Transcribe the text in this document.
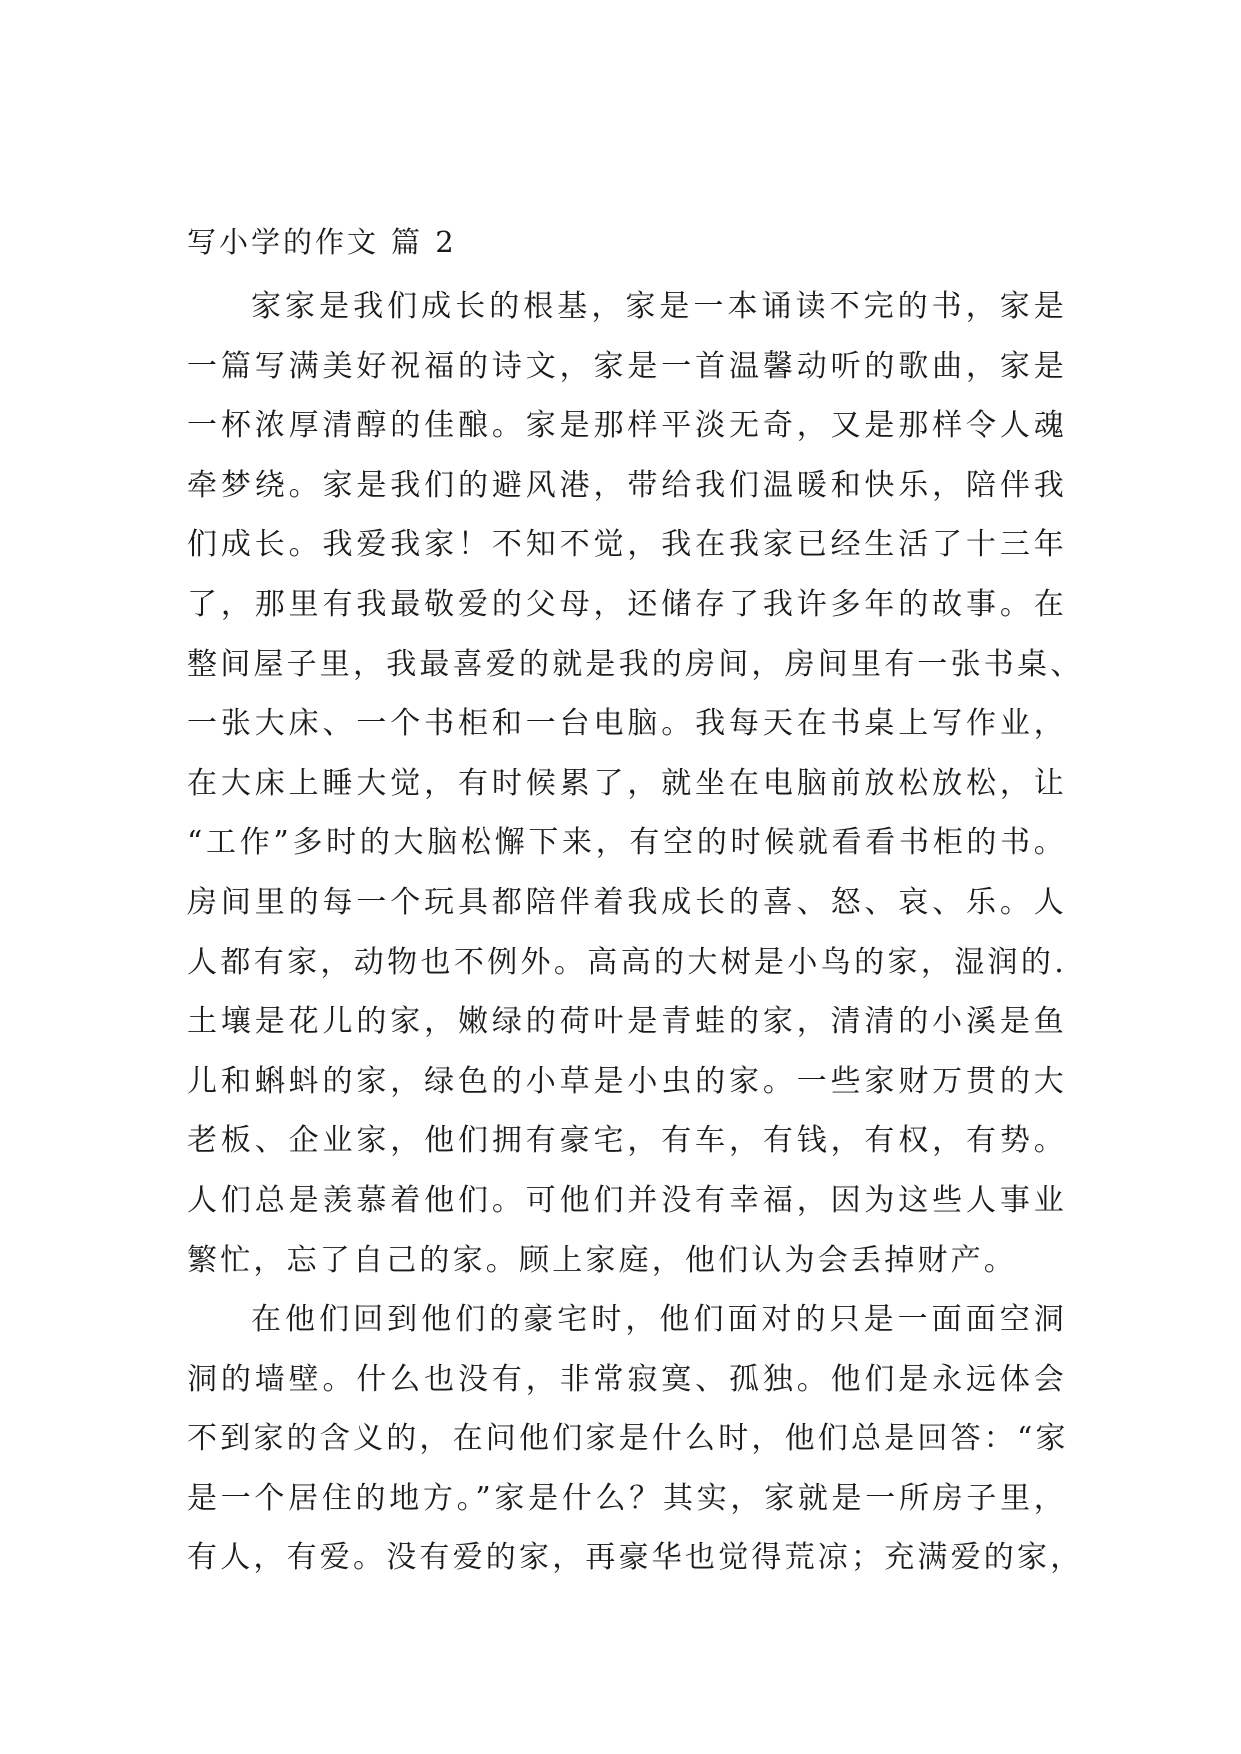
写小学的作文 篇 2
家家是我们成长的根基，家是一本诵读不完的书，家是
一篇写满美好祝福的诗文，家是一首温馨动听的歌曲，家是
一杯浓厚清醇的佳酿。家是那样平淡无奇，又是那样令人魂
牵梦绕。家是我们的避风港，带给我们温暖和快乐，陪伴我
们成长。我爱我家！不知不觉，我在我家已经生活了十三年
了，那里有我最敬爱的父母，还储存了我许多年的故事。在
整间屋子里，我最喜爱的就是我的房间，房间里有一张书桌、
一张大床、一个书柜和一台电脑。我每天在书桌上写作业，
在大床上睡大觉，有时候累了，就坐在电脑前放松放松，让
“工作”多时的大脑松懈下来，有空的时候就看看书柜的书。
房间里的每一个玩具都陪伴着我成长的喜、怒、哀、乐。人
人都有家，动物也不例外。高高的大树是小鸟的家，湿润的.
土壤是花儿的家，嫩绿的荷叶是青蛙的家，清清的小溪是鱼
儿和蝌蚪的家，绿色的小草是小虫的家。一些家财万贯的大
老板、企业家，他们拥有豪宅，有车，有钱，有权，有势。
人们总是羡慕着他们。可他们并没有幸福，因为这些人事业
繁忙，忘了自己的家。顾上家庭，他们认为会丢掉财产。
在他们回到他们的豪宅时，他们面对的只是一面面空洞
洞的墙壁。什么也没有，非常寂寞、孤独。他们是永远体会
不到家的含义的，在问他们家是什么时，他们总是回答：“家
是一个居住的地方。”家是什么？其实，家就是一所房子里，
有人，有爱。没有爱的家，再豪华也觉得荒凉；充满爱的家，
